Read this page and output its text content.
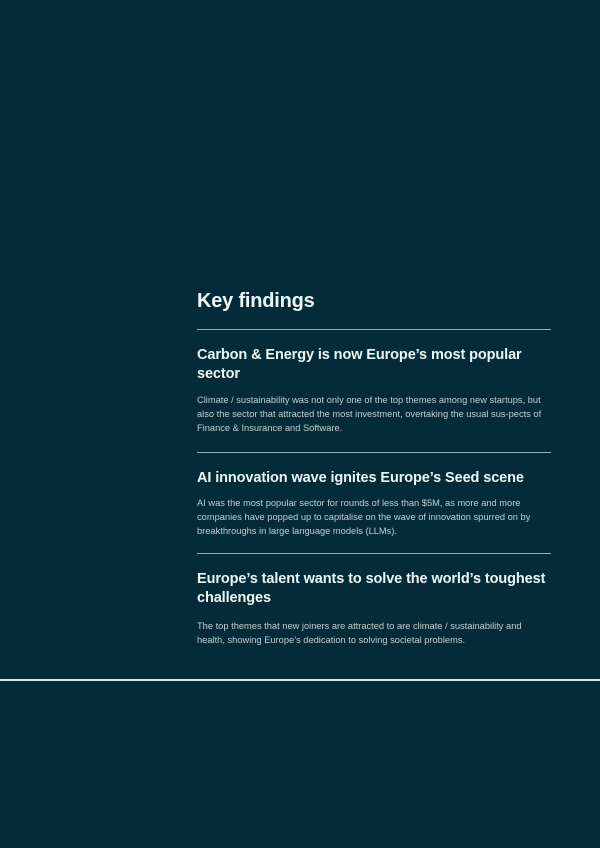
Key findings
Carbon & Energy is now Europe’s most popular sector

Climate / sustainability was not only one of the top themes among new startups, but also the sector that attracted the most investment, overtaking the usual sus-pects of Finance & Insurance and Software.

AI innovation wave ignites Europe’s Seed scene

AI was the most popular sector for rounds of less than $5M, as more and more companies have popped up to capitalise on the wave of innovation spurred on by breakthroughs in large language models (LLMs).

Europe’s talent wants to solve the world’s toughest challenges

The top themes that new joiners are attracted to are climate / sustainability and health, showing Europe’s dedication to solving societal problems.
